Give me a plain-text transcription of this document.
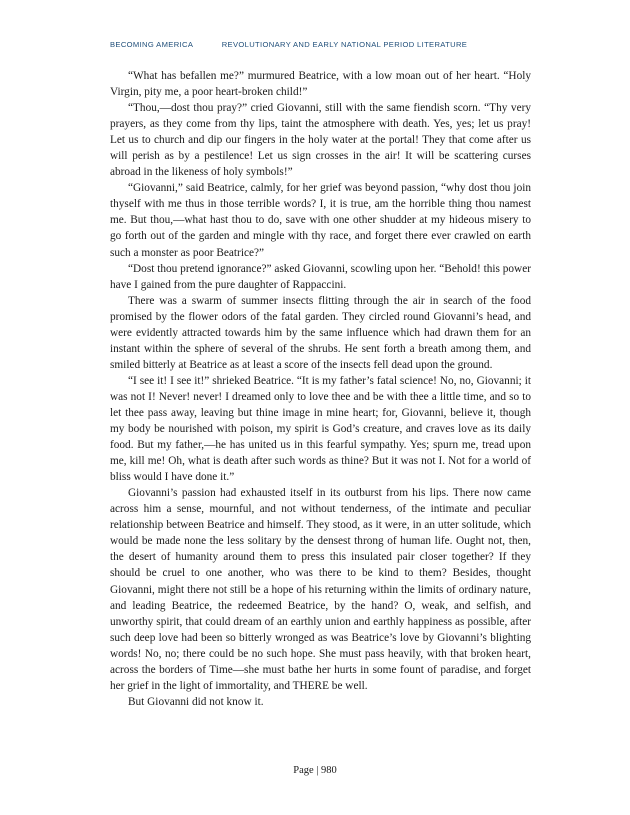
BECOMING AMERICA	REVOLUTIONARY AND EARLY NATIONAL PERIOD LITERATURE

“What has befallen me?” murmured Beatrice, with a low moan out of her heart. “Holy Virgin, pity me, a poor heart-broken child!”

“Thou,—dost thou pray?” cried Giovanni, still with the same fiendish scorn. “Thy very prayers, as they come from thy lips, taint the atmosphere with death. Yes, yes; let us pray! Let us to church and dip our fingers in the holy water at the portal! They that come after us will perish as by a pestilence! Let us sign crosses in the air! It will be scattering curses abroad in the likeness of holy symbols!”

“Giovanni,” said Beatrice, calmly, for her grief was beyond passion, “why dost thou join thyself with me thus in those terrible words? I, it is true, am the horrible thing thou namest me. But thou,—what hast thou to do, save with one other shudder at my hideous misery to go forth out of the garden and mingle with thy race, and forget there ever crawled on earth such a monster as poor Beatrice?”

“Dost thou pretend ignorance?” asked Giovanni, scowling upon her. “Behold! this power have I gained from the pure daughter of Rappaccini.

There was a swarm of summer insects flitting through the air in search of the food promised by the flower odors of the fatal garden. They circled round Giovanni’s head, and were evidently attracted towards him by the same influence which had drawn them for an instant within the sphere of several of the shrubs. He sent forth a breath among them, and smiled bitterly at Beatrice as at least a score of the insects fell dead upon the ground.

“I see it! I see it!” shrieked Beatrice. “It is my father’s fatal science! No, no, Giovanni; it was not I! Never! never! I dreamed only to love thee and be with thee a little time, and so to let thee pass away, leaving but thine image in mine heart; for, Giovanni, believe it, though my body be nourished with poison, my spirit is God’s creature, and craves love as its daily food. But my father,—he has united us in this fearful sympathy. Yes; spurn me, tread upon me, kill me! Oh, what is death after such words as thine? But it was not I. Not for a world of bliss would I have done it.”

Giovanni’s passion had exhausted itself in its outburst from his lips. There now came across him a sense, mournful, and not without tenderness, of the intimate and peculiar relationship between Beatrice and himself. They stood, as it were, in an utter solitude, which would be made none the less solitary by the densest throng of human life. Ought not, then, the desert of humanity around them to press this insulated pair closer together? If they should be cruel to one another, who was there to be kind to them? Besides, thought Giovanni, might there not still be a hope of his returning within the limits of ordinary nature, and leading Beatrice, the redeemed Beatrice, by the hand? O, weak, and selfish, and unworthy spirit, that could dream of an earthly union and earthly happiness as possible, after such deep love had been so bitterly wronged as was Beatrice’s love by Giovanni’s blighting words! No, no; there could be no such hope. She must pass heavily, with that broken heart, across the borders of Time—she must bathe her hurts in some fount of paradise, and forget her grief in the light of immortality, and THERE be well.

But Giovanni did not know it.

Page | 980
